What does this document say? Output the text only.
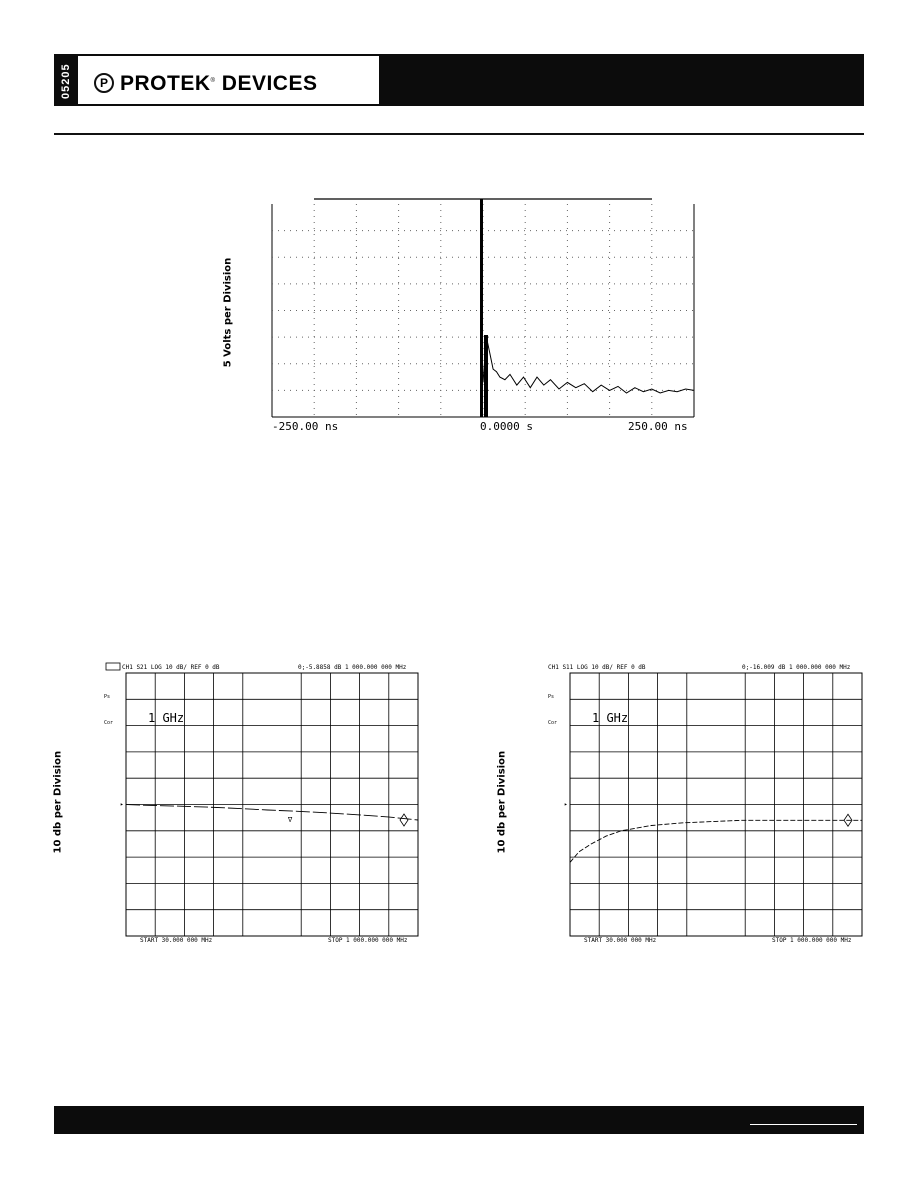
05205 P PROTEK® DEVICES
5 Volts per Division
-250.00 ns	0.0000 s	250.00 ns
10 db per Division
CH1 S21 LOG 10 dB/ REF 0 dB	0;-5.8858 dB 1 000.000 000 MHz
Ps
Cor
▸
1 GHz
∇
START 30.000 000 MHz	STOP 1 000.000 000 MHz
10 db per Division
CH1 S11 LOG 10 dB/ REF 0 dB	0;-16.009 dB 1 000.000 000 MHz
Ps
Cor
▸
1 GHz
START 30.000 000 MHz	STOP 1 000.000 000 MHz
